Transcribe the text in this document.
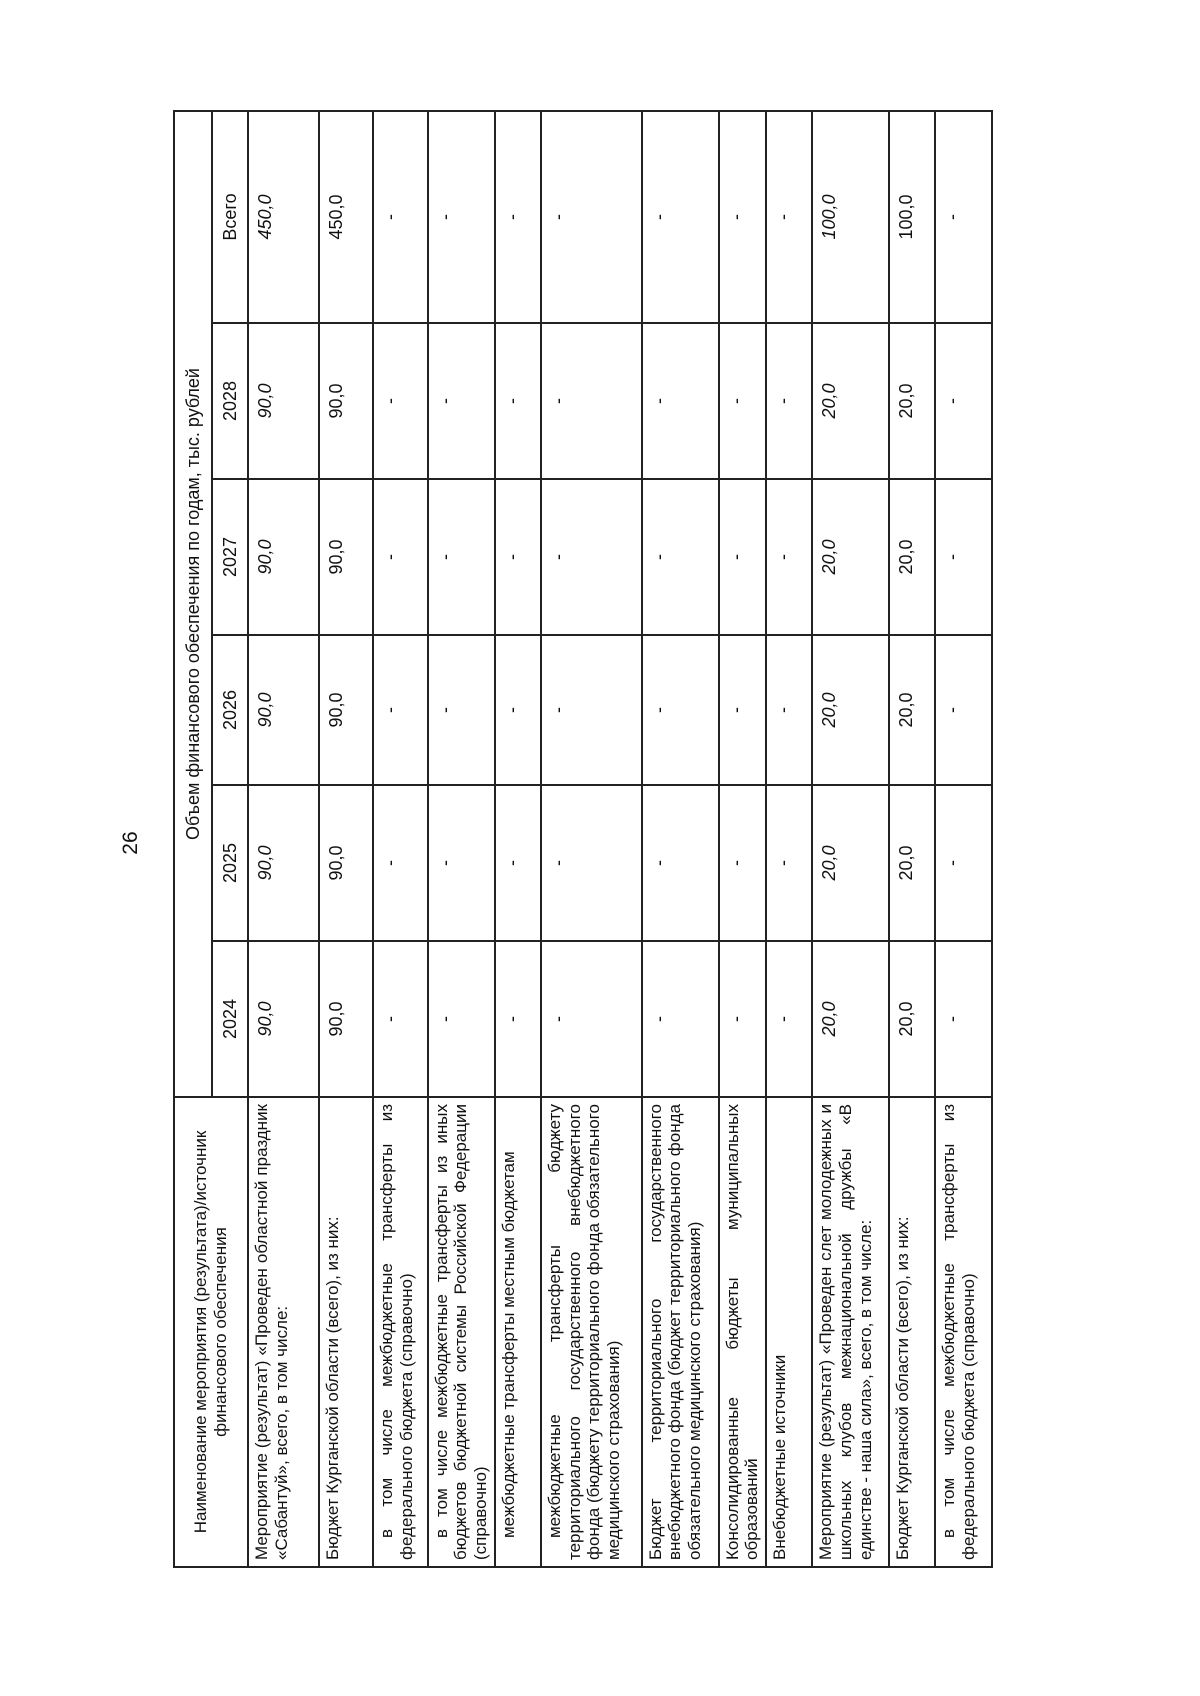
26
Наименование мероприятия (результата)/источник финансового обеспечения	Объем финансового обеспечения по годам, тыс. рублей					
	2024	2025	2026	2027	2028	Всего
Мероприятие (результат) «Проведен областной праздник «Сабантуй», всего, в том числе:	90,0	90,0	90,0	90,0	90,0	450,0
Бюджет Курганской области (всего), из них:	90,0	90,0	90,0	90,0	90,0	450,0
в том числе межбюджетные трансферты из федерального бюджета (справочно)	-	-	-	-	-	-
в том числе межбюджетные трансферты из иных бюджетов бюджетной системы Российской Федерации (справочно)	-	-	-	-	-	-
межбюджетные трансферты местным бюджетам	-	-	-	-	-	-
межбюджетные трансферты бюджету территориального государственного внебюджетного фонда (бюджету территориального фонда обязательного медицинского страхования)	-	-	-	-	-	-
Бюджет территориального государственного внебюджетного фонда (бюджет территориального фонда обязательного медицинского страхования)	-	-	-	-	-	-
Консолидированные бюджеты муниципальных образований	-	-	-	-	-	-
Внебюджетные источники	-	-	-	-	-	-
Мероприятие (результат) «Проведен слет молодежных и школьных клубов межнациональной дружбы «В единстве - наша сила», всего, в том числе:	20,0	20,0	20,0	20,0	20,0	100,0
Бюджет Курганской области (всего), из них:	20,0	20,0	20,0	20,0	20,0	100,0
в том числе межбюджетные трансферты из федерального бюджета (справочно)	-	-	-	-	-	-
